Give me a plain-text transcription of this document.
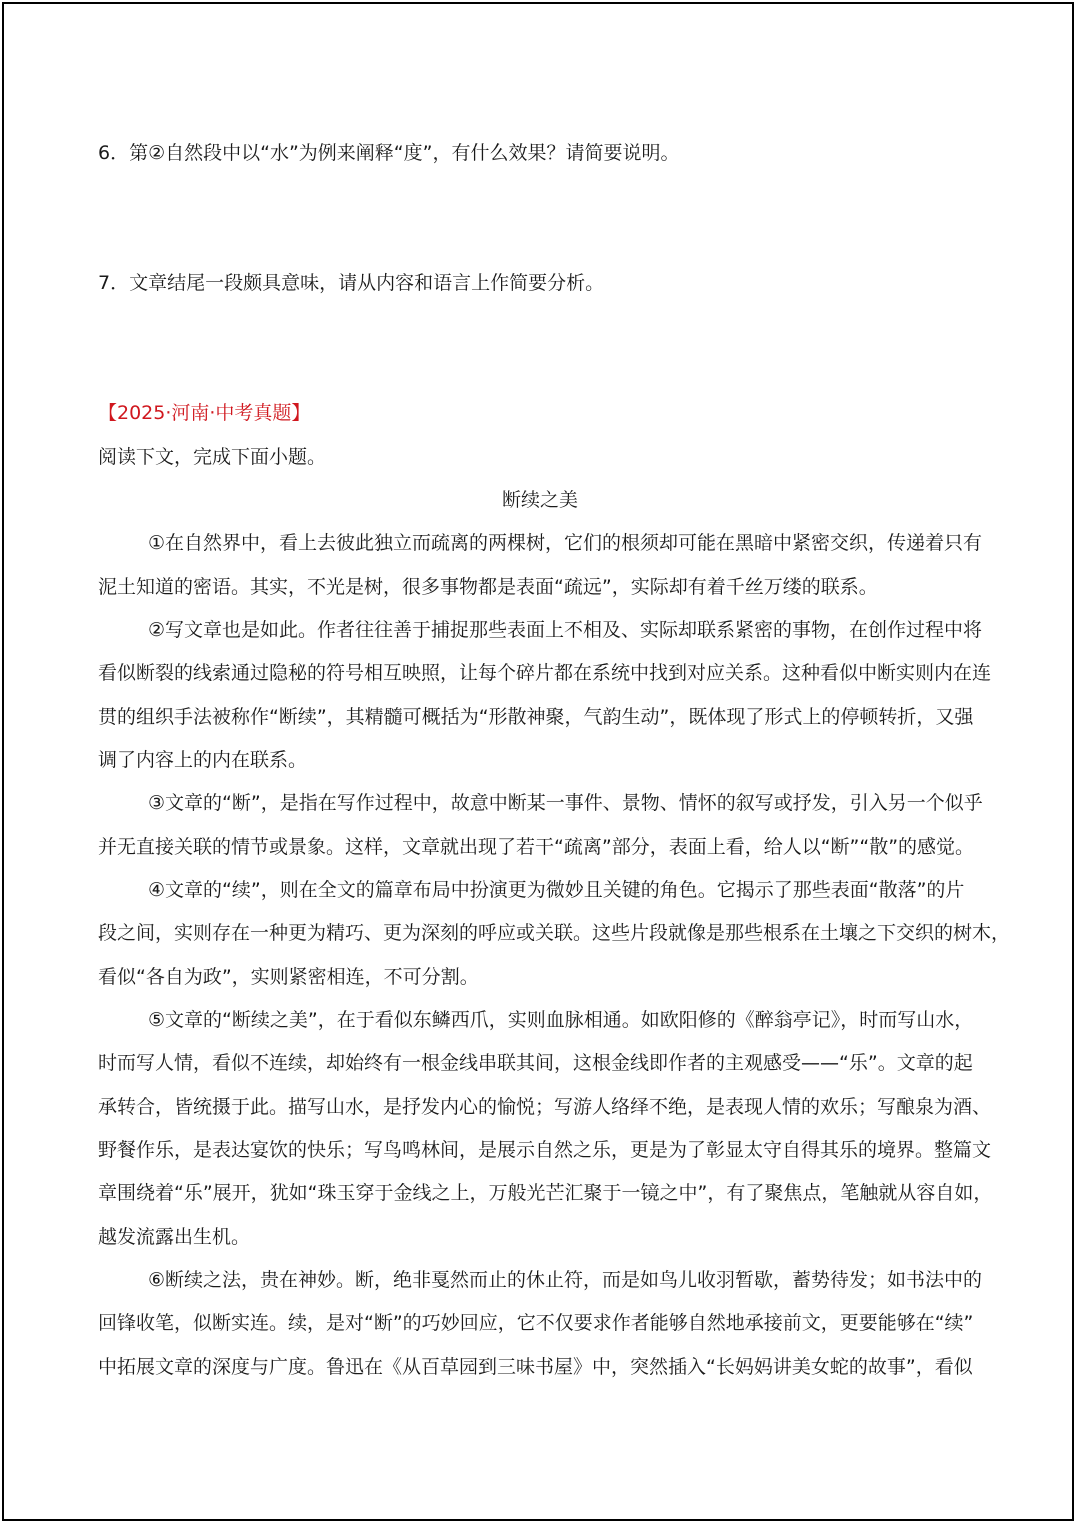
6．第②自然段中以“水”为例来阐释“度”，有什么效果？请简要说明。
7．文章结尾一段颇具意味，请从内容和语言上作简要分析。
【2025·河南·中考真题】
阅读下文，完成下面小题。
断续之美
①在自然界中，看上去彼此独立而疏离的两棵树，它们的根须却可能在黑暗中紧密交织，传递着只有
泥土知道的密语。其实，不光是树，很多事物都是表面“疏远”，实际却有着千丝万缕的联系。
②写文章也是如此。作者往往善于捕捉那些表面上不相及、实际却联系紧密的事物，在创作过程中将
看似断裂的线索通过隐秘的符号相互映照，让每个碎片都在系统中找到对应关系。这种看似中断实则内在连
贯的组织手法被称作“断续”，其精髓可概括为“形散神聚，气韵生动”，既体现了形式上的停顿转折，又强
调了内容上的内在联系。
③文章的“断”，是指在写作过程中，故意中断某一事件、景物、情怀的叙写或抒发，引入另一个似乎
并无直接关联的情节或景象。这样，文章就出现了若干“疏离”部分，表面上看，给人以“断”“散”的感觉。
④文章的“续”，则在全文的篇章布局中扮演更为微妙且关键的角色。它揭示了那些表面“散落”的片
段之间，实则存在一种更为精巧、更为深刻的呼应或关联。这些片段就像是那些根系在土壤之下交织的树木，
看似“各自为政”，实则紧密相连，不可分割。
⑤文章的“断续之美”，在于看似东鳞西爪，实则血脉相通。如欧阳修的《醉翁亭记》，时而写山水，
时而写人情，看似不连续，却始终有一根金线串联其间，这根金线即作者的主观感受——“乐”。文章的起
承转合，皆统摄于此。描写山水，是抒发内心的愉悦；写游人络绎不绝，是表现人情的欢乐；写酿泉为酒、
野餐作乐，是表达宴饮的快乐；写鸟鸣林间，是展示自然之乐，更是为了彰显太守自得其乐的境界。整篇文
章围绕着“乐”展开，犹如“珠玉穿于金线之上，万般光芒汇聚于一镜之中”，有了聚焦点，笔触就从容自如，
越发流露出生机。
⑥断续之法，贵在神妙。断，绝非戛然而止的休止符，而是如鸟儿收羽暂歇，蓄势待发；如书法中的
回锋收笔，似断实连。续，是对“断”的巧妙回应，它不仅要求作者能够自然地承接前文，更要能够在“续”
中拓展文章的深度与广度。鲁迅在《从百草园到三味书屋》中，突然插入“长妈妈讲美女蛇的故事”，看似
